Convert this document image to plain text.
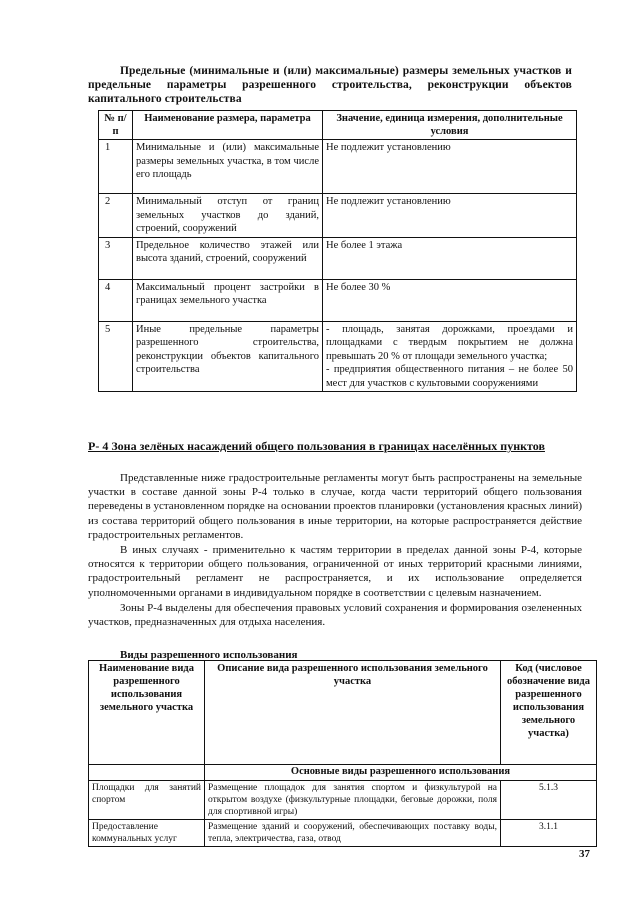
Предельные (минимальные и (или) максимальные) размеры земельных участков и предельные параметры разрешенного строительства, реконструкции объектов капитального строительства
№ п/п	Наименование размера, параметра	Значение, единица измерения, дополнительные условия
1	Минимальные и (или) максимальные размеры земельных участка, в том числе его площадь	Не подлежит установлению
2	Минимальный отступ от границ земельных участков до зданий, строений, сооружений	Не подлежит установлению
3	Предельное количество этажей или высота зданий, строений, сооружений	Не более 1 этажа
4	Максимальный процент застройки в границах земельного участка	Не более 30 %
5	Иные предельные параметры разрешенного строительства, реконструкции объектов капитального строительства	- площадь, занятая дорожками, проездами и площадками с твердым покрытием не должна превышать 20 % от площади земельного участка;
- предприятия общественного питания – не более 50 мест для участков с культовыми сооружениями
Р- 4 Зона зелёных насаждений общего пользования в границах населённых пунктов

Представленные ниже градостроительные регламенты могут быть распространены на земельные участки в составе данной зоны Р-4 только в случае, когда части территорий общего пользования переведены в установленном порядке на основании проектов планировки (установления красных линий) из состава территорий общего пользования в иные территории, на которые распространяется действие градостроительных регламентов.

В иных случаях - применительно к частям территории в пределах данной зоны Р-4, которые относятся к территории общего пользования, ограниченной от иных территорий красными линиями, градостроительный регламент не распространяется, и их использование определяется уполномоченными органами в индивидуальном порядке в соответствии с целевым назначением.

Зоны Р-4 выделены для обеспечения правовых условий сохранения и формирования озелененных участков, предназначенных для отдыха населения.

Виды разрешенного использования
Наименование вида разрешенного использования земельного участка	Описание вида разрешенного использования земельного участка	Код (числовое обозначение вида разрешенного использования земельного участка)
	Основные виды разрешенного использования	
Площадки для занятий спортом	Размещение площадок для занятия спортом и физкультурой на открытом воздухе (физкультурные площадки, беговые дорожки, поля для спортивной игры)	5.1.3
Предоставление коммунальных услуг	Размещение зданий и сооружений, обеспечивающих поставку воды, тепла, электричества, газа, отвод	3.1.1
37
